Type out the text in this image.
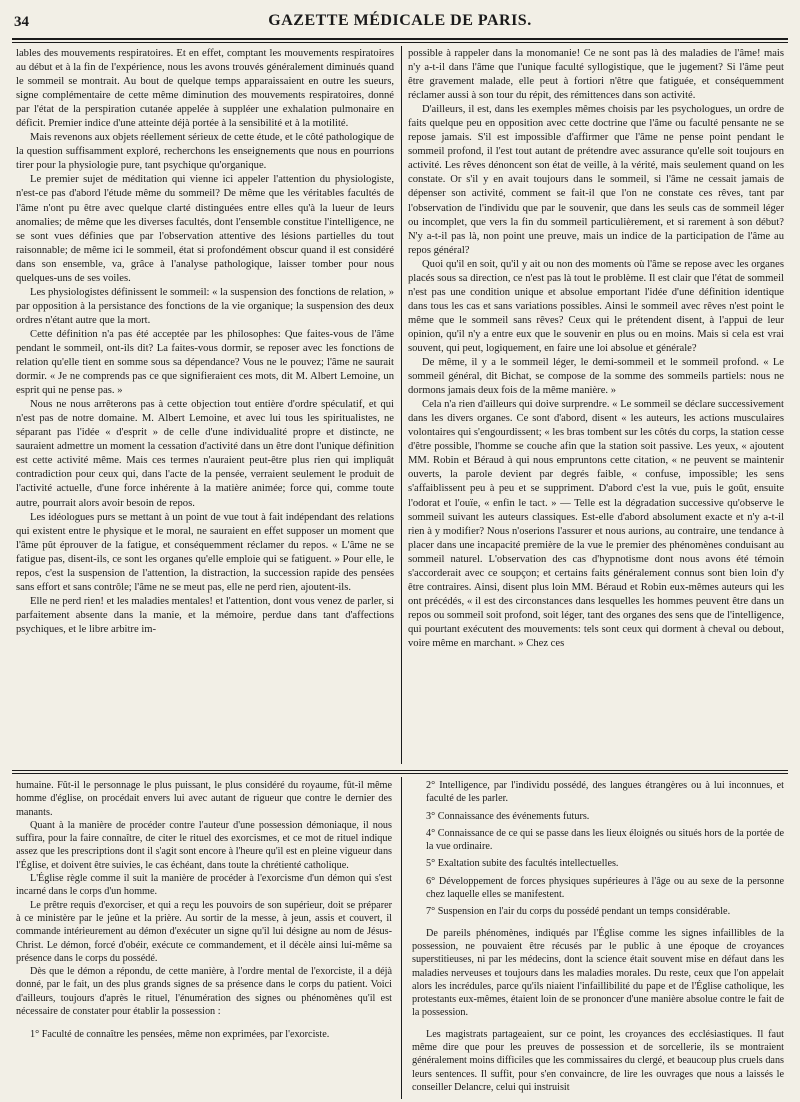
34	GAZETTE MÉDICALE DE PARIS.

lables des mouvements respiratoires. Et en effet, comptant les mouvements respiratoires au début et à la fin de l'expérience, nous les avons trouvés généralement diminués quand le sommeil se montrait. Au bout de quelque temps apparaissaient en outre les sueurs, signe complémentaire de cette même diminution des mouvements respiratoires, donné par l'état de la perspiration cutanée appelée à suppléer une exhalation pulmonaire en déficit. Premier indice d'une atteinte déjà portée à la sensibilité et à la motilité.

Mais revenons aux objets réellement sérieux de cette étude, et le côté pathologique de la question suffisamment exploré, recherchons les enseignements que nous en pourrions tirer pour la physiologie pure, tant psychique qu'organique.

Le premier sujet de méditation qui vienne ici appeler l'attention du physiologiste, n'est-ce pas d'abord l'étude même du sommeil? De même que les véritables facultés de l'âme n'ont pu être avec quelque clarté distinguées entre elles qu'à la lueur de leurs anomalies; de même que les diverses facultés, dont l'ensemble constitue l'intelligence, ne se sont vues définies que par l'observation attentive des lésions partielles du tout raisonnable; de même ici le sommeil, état si profondément obscur quand il est considéré dans son ensemble, va, grâce à l'analyse pathologique, laisser tomber pour nous quelques-uns de ses voiles.

Les physiologistes définissent le sommeil: « la suspension des fonctions de relation, » par opposition à la persistance des fonctions de la vie organique; la suspension des deux ordres n'étant autre que la mort.

Cette définition n'a pas été acceptée par les philosophes: Que faites-vous de l'âme pendant le sommeil, ont-ils dit? La faites-vous dormir, se reposer avec les fonctions de relation qu'elle tient en somme sous sa dépendance? Vous ne le pouvez; l'âme ne saurait dormir. « Je ne comprends pas ce que signifieraient ces mots, dit M. Albert Lemoine, un esprit qui ne pense pas. »

Nous ne nous arrêterons pas à cette objection tout entière d'ordre spéculatif, et qui n'est pas de notre domaine. M. Albert Lemoine, et avec lui tous les spiritualistes, ne séparant pas l'idée « d'esprit » de celle d'une individualité propre et distincte, ne sauraient admettre un moment la cessation d'activité dans un être dont l'unique définition est cette activité même. Mais ces termes n'auraient peut-être plus rien qui impliquât contradiction pour ceux qui, dans l'acte de la pensée, verraient seulement le produit de l'activité actuelle, d'une force inhérente à la matière animée; force qui, comme toute autre, pourrait alors avoir besoin de repos.

Les idéologues purs se mettant à un point de vue tout à fait indépendant des relations qui existent entre le physique et le moral, ne sauraient en effet supposer un moment que l'âme pût éprouver de la fatigue, et conséquemment réclamer du repos. « L'âme ne se fatigue pas, disent-ils, ce sont les organes qu'elle emploie qui se fatiguent. » Pour elle, le repos, c'est la suspension de l'attention, la distraction, la succession rapide des pensées sans effort et sans contrôle; l'âme ne se meut pas, elle ne perd rien, ajoutent-ils.

Elle ne perd rien! et les maladies mentales! et l'attention, dont vous venez de parler, si parfaitement absente dans la manie, et la mémoire, perdue dans tant d'affections psychiques, et le libre arbitre im-

possible à rappeler dans la monomanie! Ce ne sont pas là des maladies de l'âme! mais n'y a-t-il dans l'âme que l'unique faculté syllogistique, que le jugement? Si l'âme peut être gravement malade, elle peut à fortiori n'être que fatiguée, et conséquemment réclamer aussi à son tour du répit, des rémittences dans son activité.

D'ailleurs, il est, dans les exemples mêmes choisis par les psychologues, un ordre de faits quelque peu en opposition avec cette doctrine que l'âme ou faculté pensante ne se repose jamais. S'il est impossible d'affirmer que l'âme ne pense point pendant le sommeil profond, il l'est tout autant de prétendre avec assurance qu'elle soit toujours en activité. Les rêves dénoncent son état de veille, à la vérité, mais seulement quand on les constate. Or s'il y en avait toujours dans le sommeil, si l'âme ne cessait jamais de dépenser son activité, comment se fait-il que l'on ne constate ces rêves, tant par l'observation de l'individu que par le souvenir, que dans les seuls cas de sommeil léger ou incomplet, que vers la fin du sommeil particulièrement, et si rarement à son début? N'y a-t-il pas là, non point une preuve, mais un indice de la participation de l'âme au repos général?

Quoi qu'il en soit, qu'il y ait ou non des moments où l'âme se repose avec les organes placés sous sa direction, ce n'est pas là tout le problème. Il est clair que l'état de sommeil n'est pas une condition unique et absolue emportant l'idée d'une définition identique dans tous les cas et sans variations possibles. Ainsi le sommeil avec rêves n'est point le même que le sommeil sans rêves? Ceux qui le prétendent disent, à l'appui de leur opinion, qu'il n'y a entre eux que le souvenir en plus ou en moins. Mais si cela est vrai souvent, qui peut, logiquement, en faire une loi absolue et générale?

De même, il y a le sommeil léger, le demi-sommeil et le sommeil profond. « Le sommeil général, dit Bichat, se compose de la somme des sommeils partiels: nous ne dormons jamais deux fois de la même manière. »

Cela n'a rien d'ailleurs qui doive surprendre. « Le sommeil se déclare successivement dans les divers organes. Ce sont d'abord, disent « les auteurs, les actions musculaires volontaires qui s'engourdissent; « les bras tombent sur les côtés du corps, la station cesse d'être possible, l'homme se couche afin que la station soit passive. Les yeux, « ajoutent MM. Robin et Béraud à qui nous empruntons cette citation, « ne peuvent se maintenir ouverts, la parole devient par degrés faible, « confuse, impossible; les sens s'affaiblissent peu à peu et se suppriment. D'abord c'est la vue, puis le goût, ensuite l'odorat et l'ouïe, « enfin le tact. » — Telle est la dégradation successive qu'observe le sommeil suivant les auteurs classiques. Est-elle d'abord absolument exacte et n'y a-t-il rien à y modifier? Nous n'oserions l'assurer et nous aurions, au contraire, une tendance à placer dans une incapacité première de la vue le premier des phénomènes conduisant au sommeil naturel. L'observation des cas d'hypnotisme dont nous avons été témoin s'accorderait avec ce soupçon; et certains faits généralement connus sont bien loin d'y être contraires. Ainsi, disent plus loin MM. Béraud et Robin eux-mêmes auteurs qui les ont précédés, « il est des circonstances dans lesquelles les hommes peuvent être dans un repos ou sommeil soit profond, soit léger, tant des organes des sens que de l'intelligence, qui pourtant exécutent des mouvements: tels sont ceux qui dorment à cheval ou debout, voire même en marchant. » Chez ces

humaine. Fût-il le personnage le plus puissant, le plus considéré du royaume, fût-il même homme d'église, on procédait envers lui avec autant de rigueur que contre le dernier des manants.

Quant à la manière de procéder contre l'auteur d'une possession démoniaque, il nous suffira, pour la faire connaître, de citer le rituel des exorcismes, et ce mot de rituel indique assez que les prescriptions dont il s'agit sont encore à l'heure qu'il est en pleine vigueur dans l'Église, et doivent être suivies, le cas échéant, dans toute la chrétienté catholique.

L'Église règle comme il suit la manière de procéder à l'exorcisme d'un démon qui s'est incarné dans le corps d'un homme.

Le prêtre requis d'exorciser, et qui a reçu les pouvoirs de son supérieur, doit se préparer à ce ministère par le jeûne et la prière. Au sortir de la messe, à jeun, assis et couvert, il commande intérieurement au démon d'exécuter un signe qu'il lui désigne au nom de Jésus-Christ. Le démon, forcé d'obéir, exécute ce commandement, et il décèle ainsi lui-même sa présence dans le corps du possédé.

Dès que le démon a répondu, de cette manière, à l'ordre mental de l'exorciste, il a déjà donné, par le fait, un des plus grands signes de sa présence dans le corps du patient. Voici d'ailleurs, toujours d'après le rituel, l'énumération des signes ou phénomènes qu'il est nécessaire de constater pour établir la possession :

1° Faculté de connaître les pensées, même non exprimées, par l'exorciste.

2° Intelligence, par l'individu possédé, des langues étrangères ou à lui inconnues, et faculté de les parler.

3° Connaissance des événements futurs.

4° Connaissance de ce qui se passe dans les lieux éloignés ou situés hors de la portée de la vue ordinaire.

5° Exaltation subite des facultés intellectuelles.

6° Développement de forces physiques supérieures à l'âge ou au sexe de la personne chez laquelle elles se manifestent.

7° Suspension en l'air du corps du possédé pendant un temps considérable.

De pareils phénomènes, indiqués par l'Église comme les signes infaillibles de la possession, ne pouvaient être récusés par le public à une époque de croyances superstitieuses, ni par les médecins, dont la science était souvent mise en défaut dans les maladies nerveuses et toujours dans les maladies morales. Du reste, ceux que l'on appelait alors les incrédules, parce qu'ils niaient l'infaillibilité du pape et de l'Église catholique, les protestants eux-mêmes, étaient loin de se prononcer d'une manière absolue contre le fait de la possession.

Les magistrats partageaient, sur ce point, les croyances des ecclésiastiques. Il faut même dire que pour les preuves de possession et de sorcellerie, ils se montraient généralement moins difficiles que les commissaires du clergé, et beaucoup plus cruels dans leurs sentences. Il suffit, pour s'en convaincre, de lire les ouvrages que nous a laissés le conseiller Delancre, celui qui instruisit
